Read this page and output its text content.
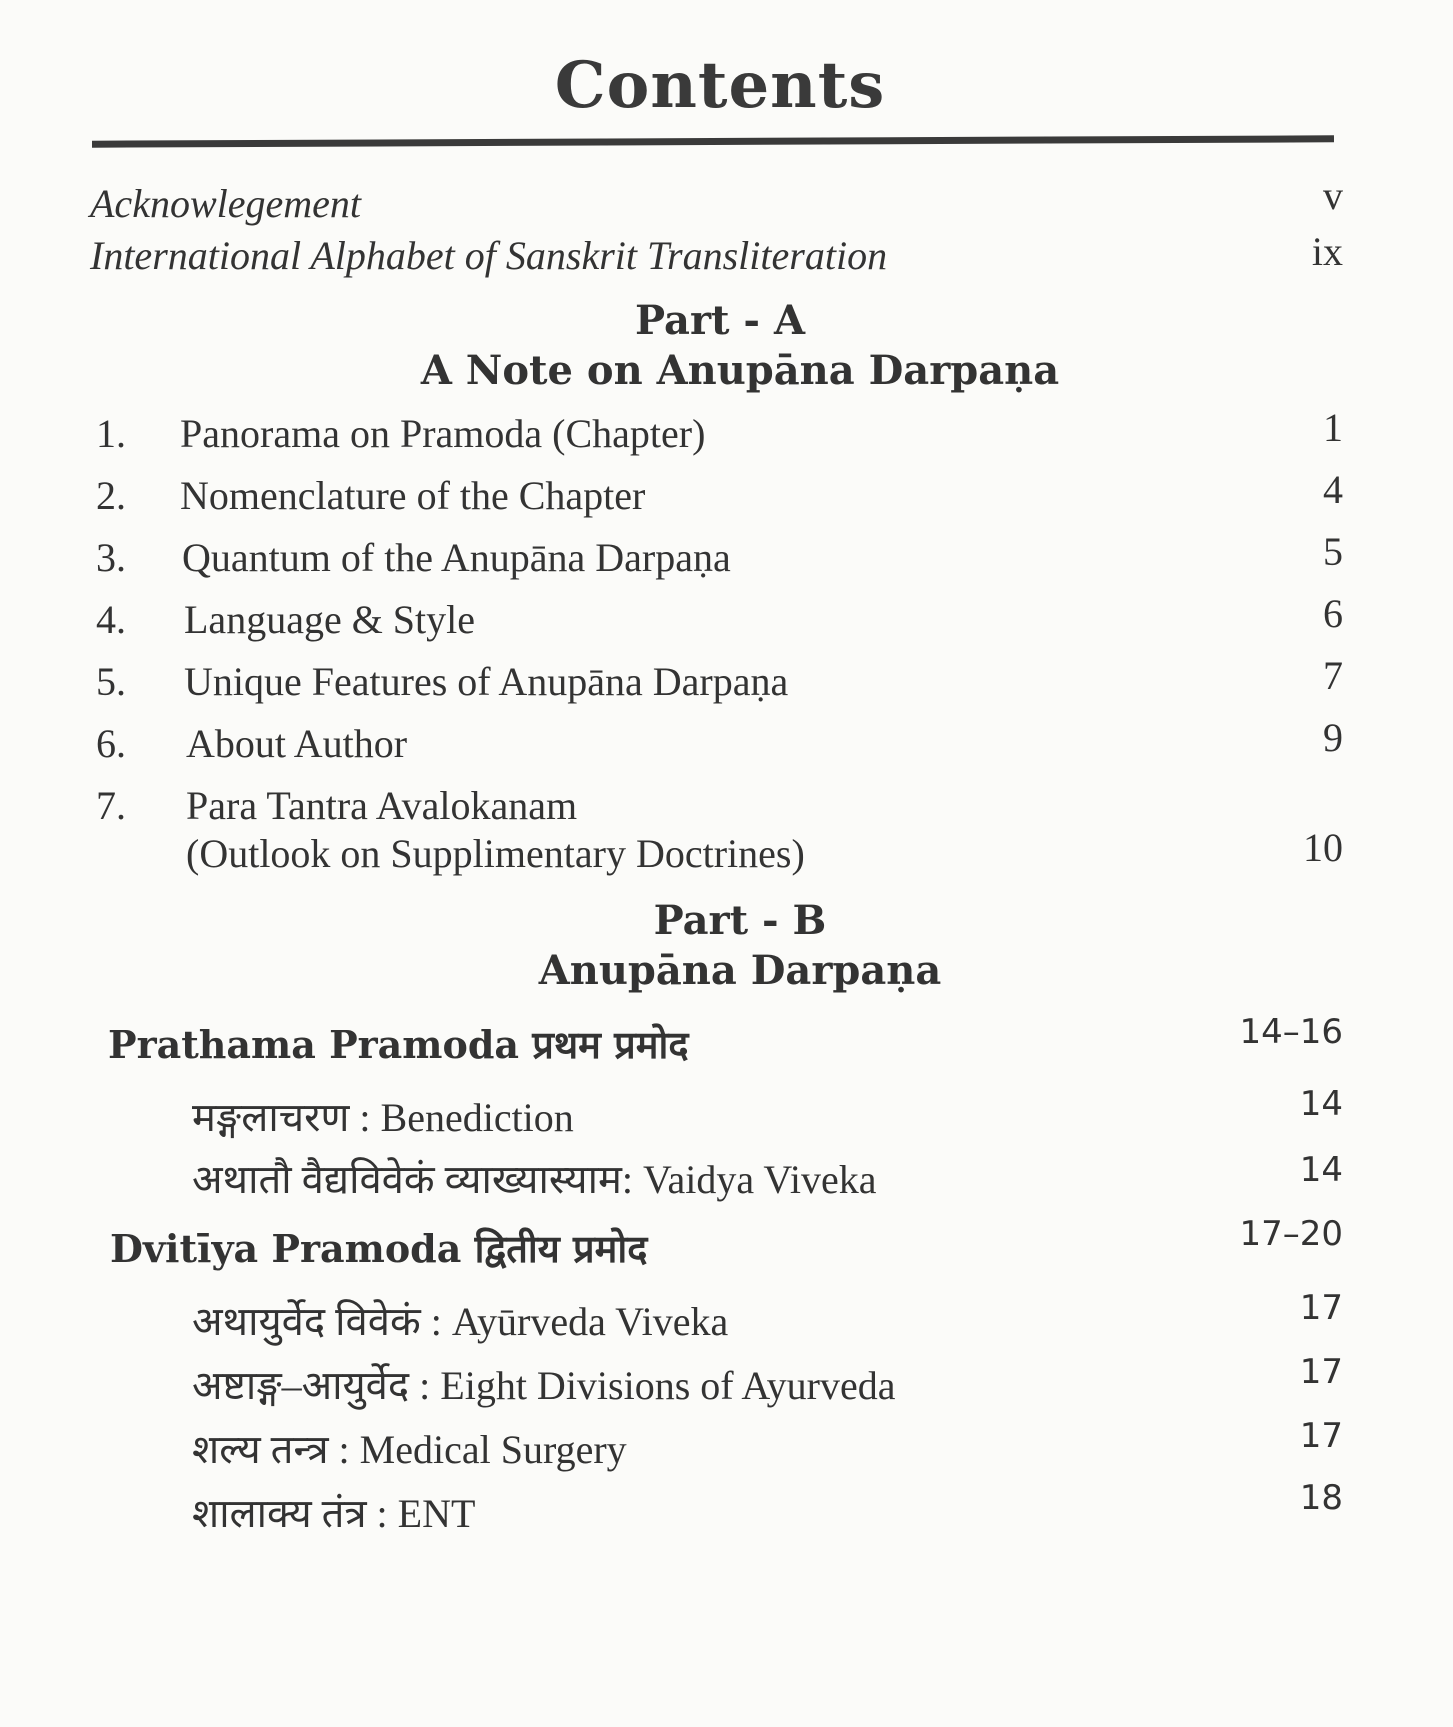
Contents
Acknowlegement	v
International Alphabet of Sanskrit Transliteration	ix
Part - A
A Note on Anupāna Darpaṇa
1. Panorama on Pramoda (Chapter)	1
2. Nomenclature of the Chapter	4
3. Quantum of the Anupāna Darpaṇa	5
4. Language & Style	6
5. Unique Features of Anupāna Darpaṇa	7
6. About Author	9
7. Para Tantra Avalokanam
(Outlook on Supplimentary Doctrines)	10
Part - B
Anupāna Darpaṇa
Prathama Pramoda प्रथम प्रमोद	14–16
मङ्गलाचरण : Benediction	14
अथातौ वैद्यविवेकं व्याख्यास्याम: Vaidya Viveka	14
Dvitīya Pramoda द्वितीय प्रमोद	17–20
अथायुर्वेद विवेकं : Ayūrveda Viveka	17
अष्टाङ्ग–आयुर्वेद : Eight Divisions of Ayurveda	17
शल्य तन्त्र : Medical Surgery	17
शालाक्य तंत्र : ENT	18
